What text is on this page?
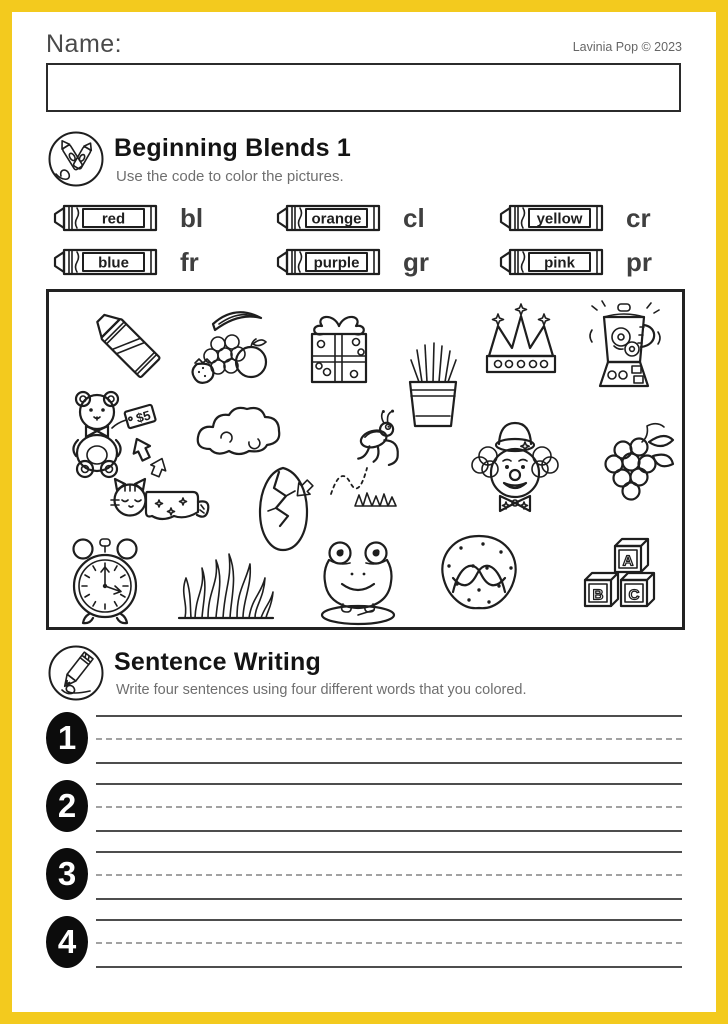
Name:	Lavinia Pop © 2023
Beginning Blends 1
Use the code to color the pictures.
red bl	orange cl	yellow cr
blue fr	purple gr	pink pr
$5
A
B C
Sentence Writing
Write four sentences using four different words that you colored.
1
2
3
4
